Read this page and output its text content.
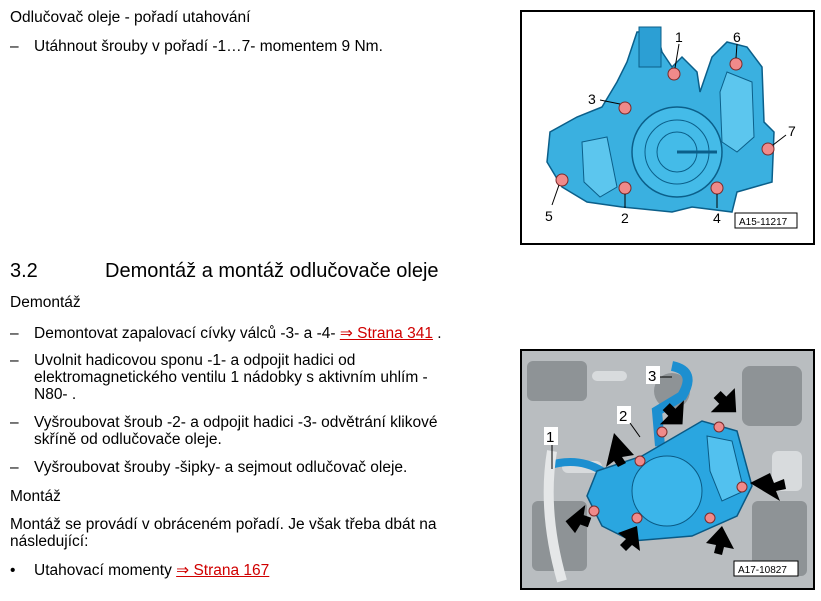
Odlučovač oleje - pořadí utahování
– Utáhnout šrouby v pořadí -1…7- momentem 9 Nm.
1
2
3
4
5
6
7
A15-11217
3.2	Demontáž a montáž odlučovače oleje
Demontáž
– Demontovat zapalovací cívky válců -3- a -4- ⇒ Strana 341 .
– Uvolnit hadicovou sponu -1- a odpojit hadici od
elektromagnetického ventilu 1 nádobky s aktivním uhlím -
N80- .
– Vyšroubovat šroub -2- a odpojit hadici -3- odvětrání klikové
skříně od odlučovače oleje.
– Vyšroubovat šrouby -šipky- a sejmout odlučovač oleje.
Montáž
Montáž se provádí v obráceném pořadí. Je však třeba dbát na
následující:
• Utahovací momenty ⇒ Strana 167
1
2
3
A17-10827
